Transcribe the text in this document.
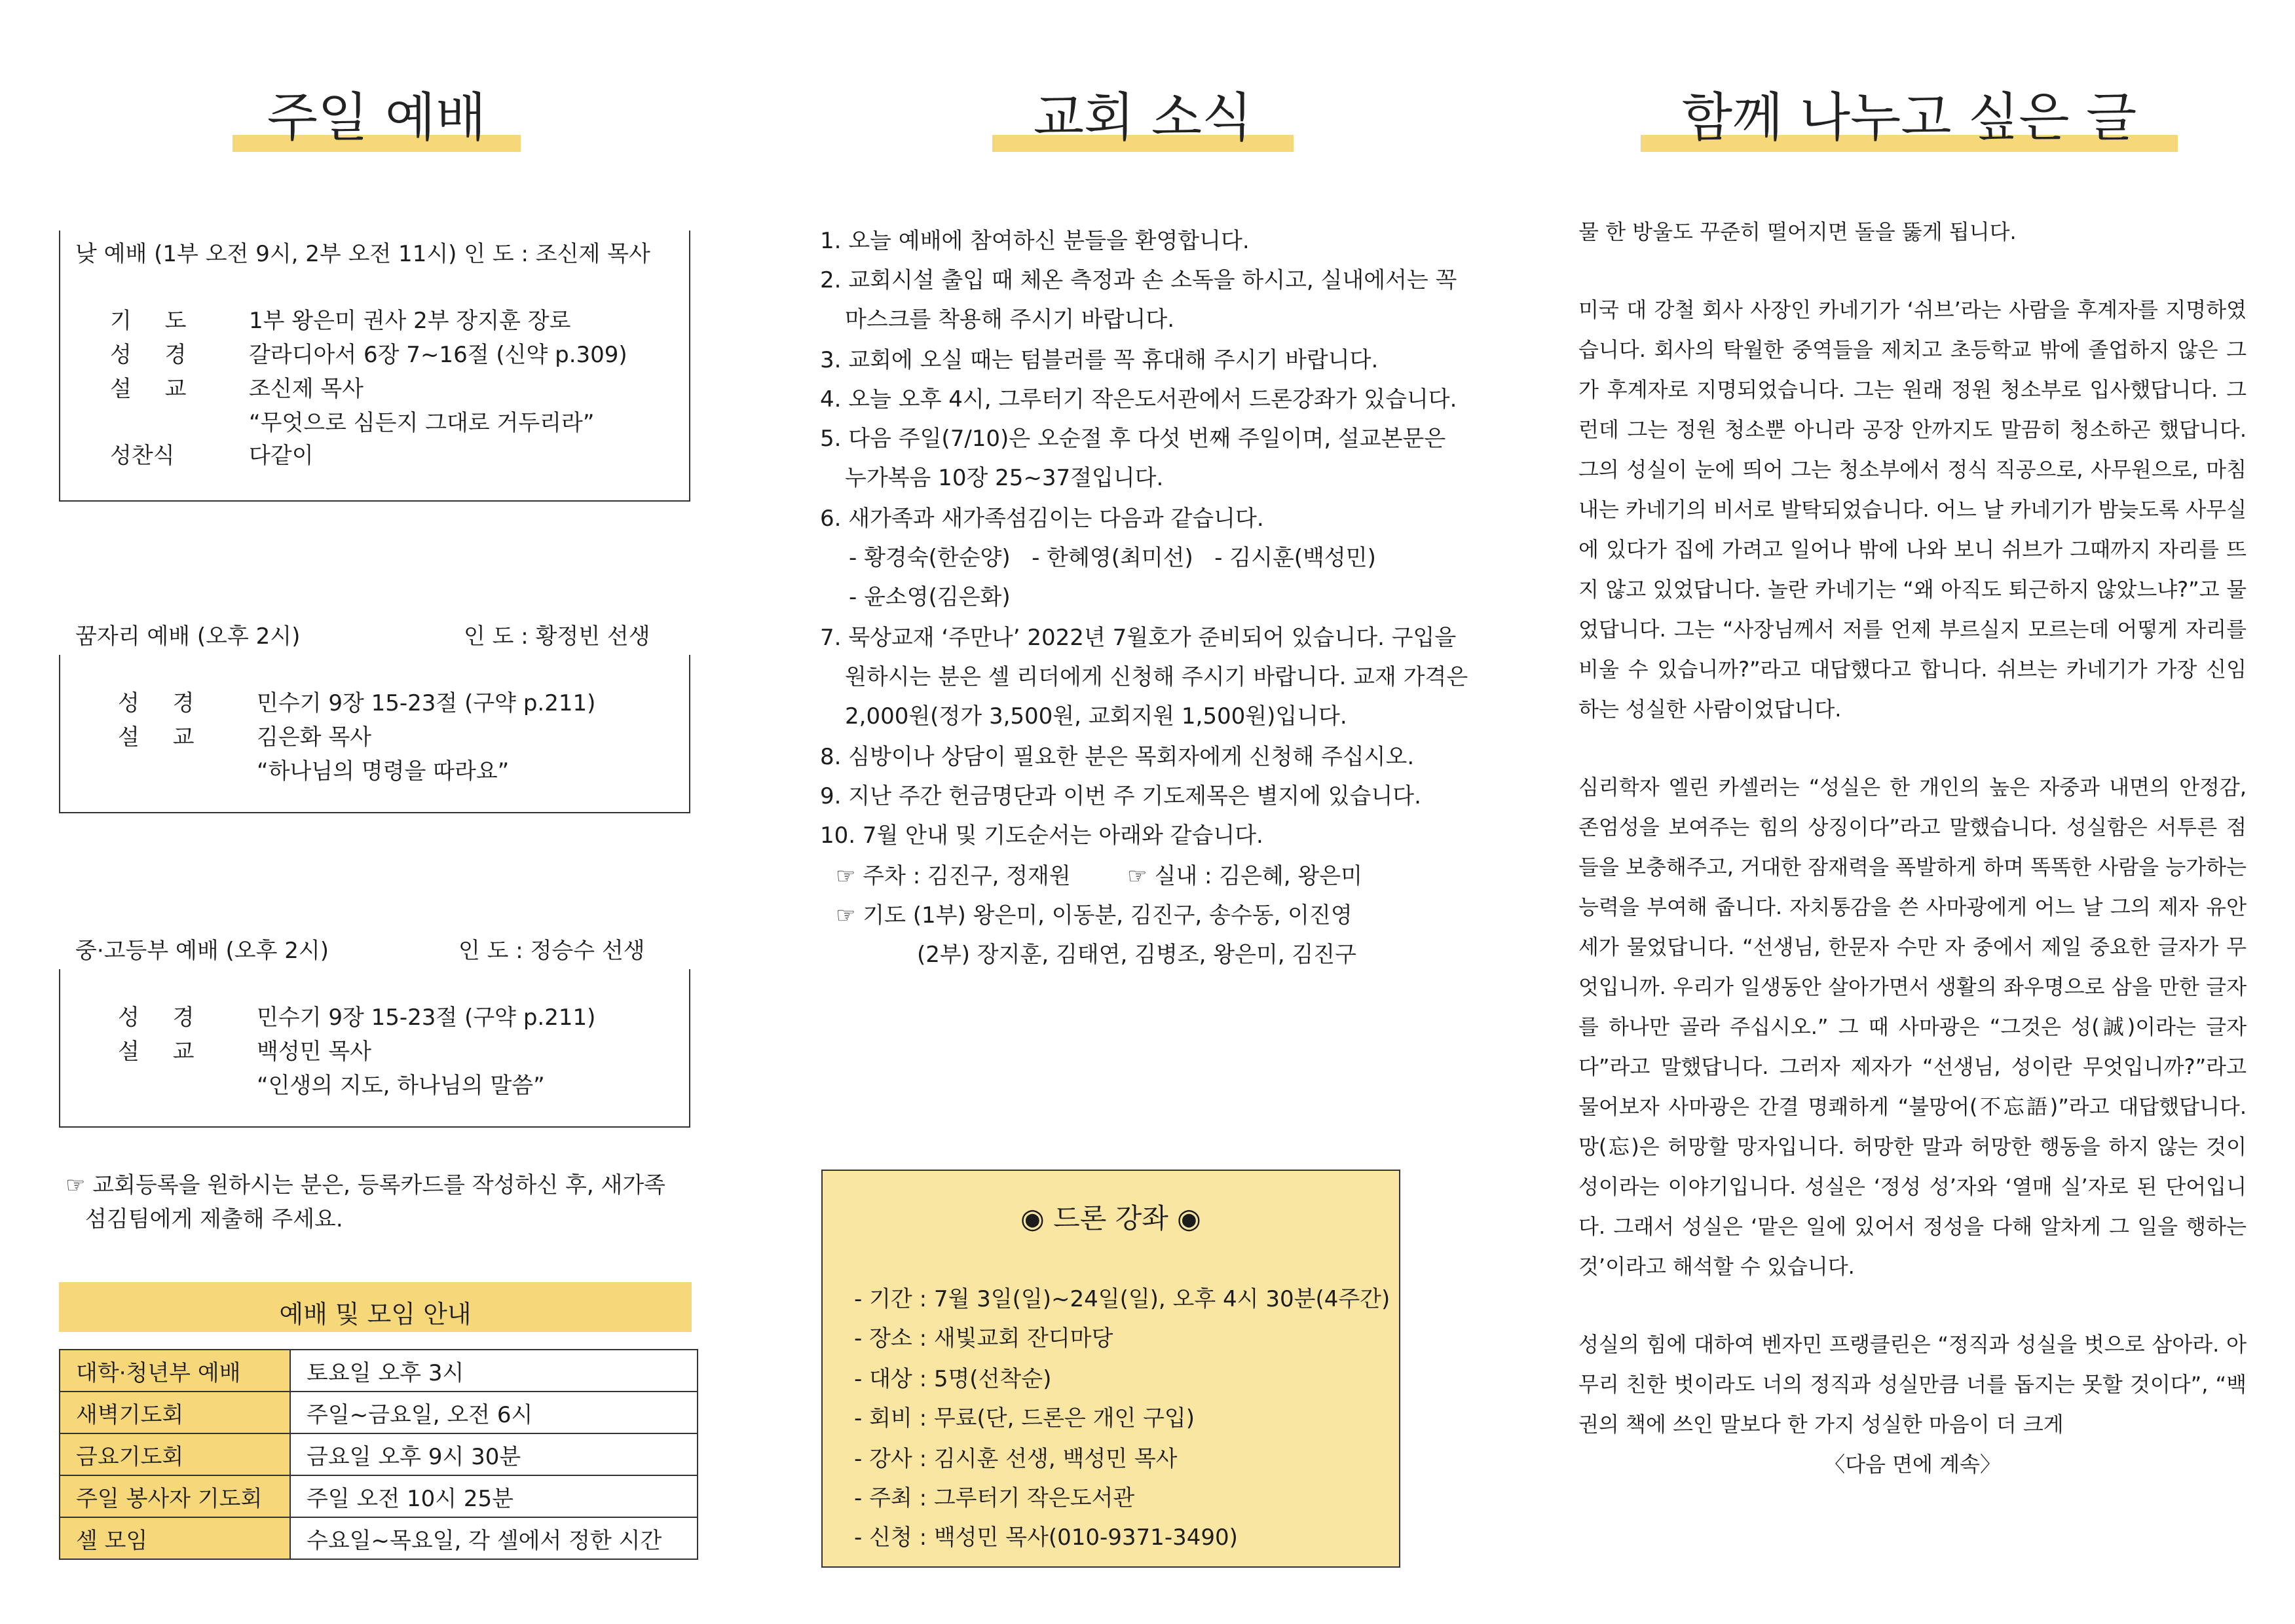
주일 예배	교회 소식	함께 나누고 싶은 글
낮 예배 (1부 오전 9시, 2부 오전 11시) 인 도 : 조신제 목사
기 도 1부 왕은미 권사 2부 장지훈 장로
성 경 갈라디아서 6장 7~16절 (신약 p.309)
설 교 조신제 목사
“무엇으로 심든지 그대로 거두리라”
성찬식	다같이
꿈자리 예배 (오후 2시)	인 도 : 황정빈 선생
성 경 민수기 9장 15-23절 (구약 p.211)
설 교 김은화 목사
“하나님의 명령을 따라요”
중·고등부 예배 (오후 2시)	인 도 : 정승수 선생
성 경 민수기 9장 15-23절 (구약 p.211)
설 교 백성민 목사
“인생의 지도, 하나님의 말씀”
☞ 교회등록을 원하시는 분은, 등록카드를 작성하신 후, 새가족
섬김팀에게 제출해 주세요.
예배 및 모임 안내
대학·청년부 예배	토요일 오후 3시
새벽기도회	주일~금요일, 오전 6시
금요기도회	금요일 오후 9시 30분
주일 봉사자 기도회	주일 오전 10시 25분
셀 모임	수요일~목요일, 각 셀에서 정한 시간
1. 오늘 예배에 참여하신 분들을 환영합니다.
2. 교회시설 출입 때 체온 측정과 손 소독을 하시고, 실내에서는 꼭
마스크를 착용해 주시기 바랍니다.
3. 교회에 오실 때는 텀블러를 꼭 휴대해 주시기 바랍니다.
4. 오늘 오후 4시, 그루터기 작은도서관에서 드론강좌가 있습니다.
5. 다음 주일(7/10)은 오순절 후 다섯 번째 주일이며, 설교본문은
누가복음 10장 25~37절입니다.
6. 새가족과 새가족섬김이는 다음과 같습니다.
- 황경숙(한순양)   - 한혜영(최미선)   - 김시훈(백성민)
- 윤소영(김은화)
7. 묵상교재 ‘주만나’ 2022년 7월호가 준비되어 있습니다. 구입을
원하시는 분은 셀 리더에게 신청해 주시기 바랍니다. 교재 가격은
2,000원(정가 3,500원, 교회지원 1,500원)입니다.
8. 심방이나 상담이 필요한 분은 목회자에게 신청해 주십시오.
9. 지난 주간 헌금명단과 이번 주 기도제목은 별지에 있습니다.
10. 7월 안내 및 기도순서는 아래와 같습니다.
☞ 주차 : 김진구, 정재원        ☞ 실내 : 김은혜, 왕은미
☞ 기도 (1부) 왕은미, 이동분, 김진구, 송수동, 이진영
(2부) 장지훈, 김태연, 김병조, 왕은미, 김진구
◉ 드론 강좌 ◉
- 기간 : 7월 3일(일)~24일(일), 오후 4시 30분(4주간)
- 장소 : 새빛교회 잔디마당
- 대상 : 5명(선착순)
- 회비 : 무료(단, 드론은 개인 구입)
- 강사 : 김시훈 선생, 백성민 목사
- 주최 : 그루터기 작은도서관
- 신청 : 백성민 목사(010-9371-3490)

물 한 방울도 꾸준히 떨어지면 돌을 뚫게 됩니다.

미국 대 강철 회사 사장인 카네기가 ‘쉬브’라는 사람을 후계자를 지명하였습니다. 회사의 탁월한 중역들을 제치고 초등학교 밖에 졸업하지 않은 그가 후계자로 지명되었습니다. 그는 원래 정원 청소부로 입사했답니다. 그런데 그는 정원 청소뿐 아니라 공장 안까지도 말끔히 청소하곤 했답니다. 그의 성실이 눈에 띄어 그는 청소부에서 정식 직공으로, 사무원으로, 마침내는 카네기의 비서로 발탁되었습니다. 어느 날 카네기가 밤늦도록 사무실에 있다가 집에 가려고 일어나 밖에 나와 보니 쉬브가 그때까지 자리를 뜨지 않고 있었답니다. 놀란 카네기는 “왜 아직도 퇴근하지 않았느냐?”고 물었답니다. 그는 “사장님께서 저를 언제 부르실지 모르는데 어떻게 자리를 비울 수 있습니까?”라고 대답했다고 합니다. 쉬브는 카네기가 가장 신임하는 성실한 사람이었답니다.

심리학자 엘린 카셀러는 “성실은 한 개인의 높은 자중과 내면의 안정감, 존엄성을 보여주는 힘의 상징이다”라고 말했습니다. 성실함은 서투른 점들을 보충해주고, 거대한 잠재력을 폭발하게 하며 똑똑한 사람을 능가하는 능력을 부여해 줍니다. 자치통감을 쓴 사마광에게 어느 날 그의 제자 유안세가 물었답니다. “선생님, 한문자 수만 자 중에서 제일 중요한 글자가 무엇입니까. 우리가 일생동안 살아가면서 생활의 좌우명으로 삼을 만한 글자를 하나만 골라 주십시오.” 그 때 사마광은 “그것은 성(誠)이라는 글자다”라고 말했답니다. 그러자 제자가 “선생님, 성이란 무엇입니까?”라고 물어보자 사마광은 간결 명쾌하게 “불망어(不忘語)”라고 대답했답니다. 망(忘)은 허망할 망자입니다. 허망한 말과 허망한 행동을 하지 않는 것이 성이라는 이야기입니다. 성실은 ‘정성 성’자와 ‘열매 실’자로 된 단어입니다. 그래서 성실은 ‘맡은 일에 있어서 정성을 다해 알차게 그 일을 행하는 것’이라고 해석할 수 있습니다.

성실의 힘에 대하여 벤자민 프랭클린은 “정직과 성실을 벗으로 삼아라. 아무리 친한 벗이라도 너의 정직과 성실만큼 너를 돕지는 못할 것이다”, “백권의 책에 쓰인 말보다 한 가지 성실한 마음이 더 크게

〈다음 면에 계속〉
